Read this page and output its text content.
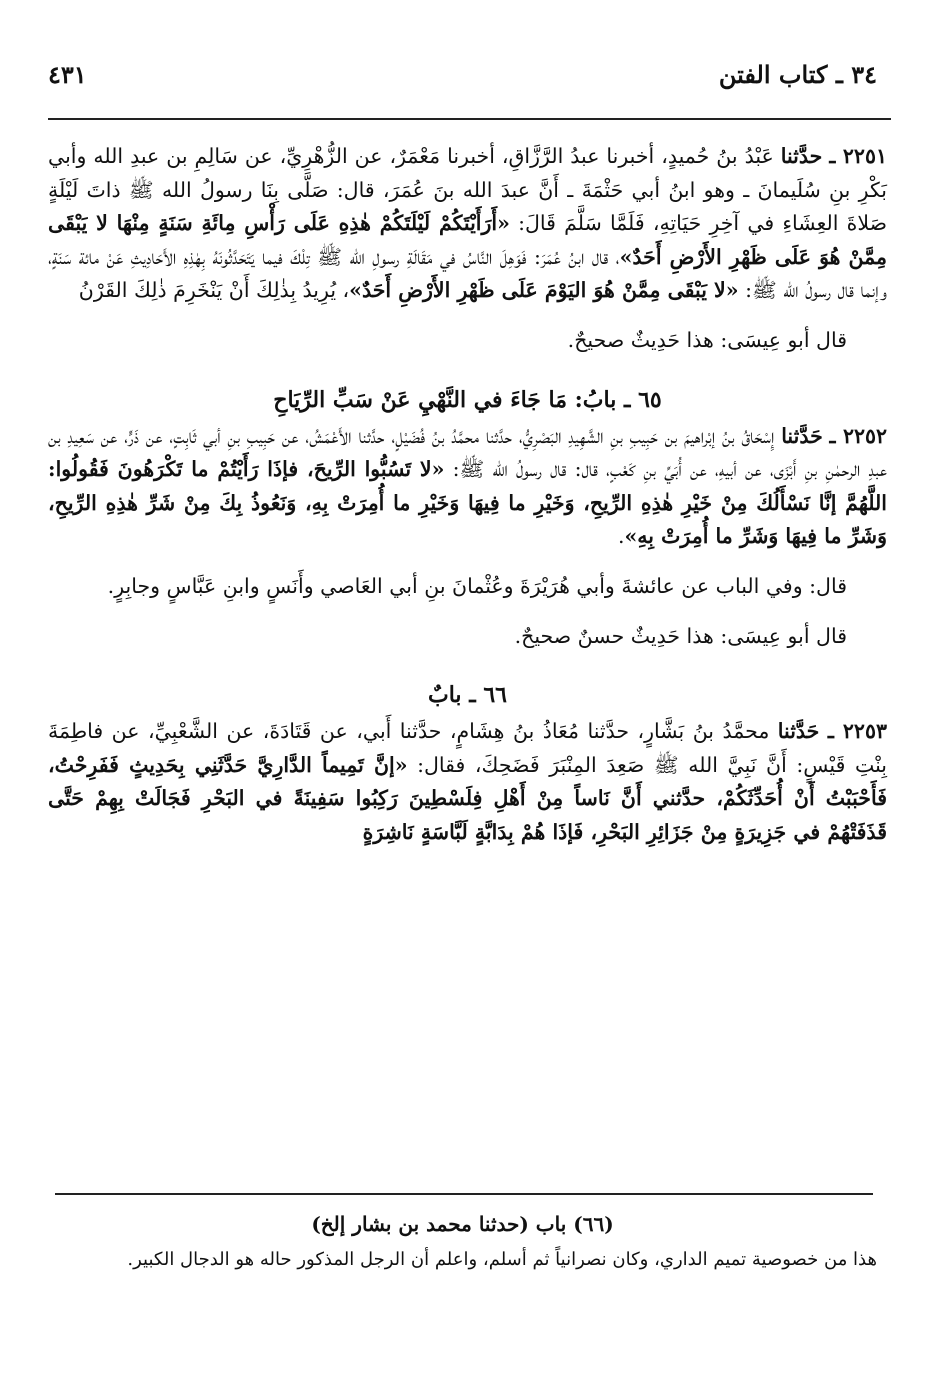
٣٤ ـ كتاب الفتن
٤٣١

٢٢٥١ ـ حدَّثنا عَبْدُ بنُ حُميدٍ، أخبرنا عبدُ الرَّزَّاقِ، أخبرنا مَعْمَرٌ، عن الزُّهْرِيِّ، عن سَالِمِ بن عبدِ الله وأبي بَكْرِ بنِ سُلَيمانَ ـ وهو ابنُ أبي حَثْمَةَ ـ أَنَّ عبدَ الله بنَ عُمَرَ، قال: صَلَّى بِنَا رسولُ الله ﷺ ذاتَ لَيْلَةٍ صَلاةَ العِشَاءِ في آخِرِ حَيَاتِهِ، فَلَمَّا سَلَّمَ قَالَ: «أَرَأَيْتَكُمْ لَيْلَتَكُمْ هٰذِهِ عَلَى رَأْسِ مِائَةِ سَنَةٍ مِنْهَا لا يَبْقَى مِمَّنْ هُوَ عَلَى ظَهْرِ الأَرْضِ أَحَدٌ»، قال ابنُ عُمَرَ: فَوَهِلَ النَّاسُ في مَقَالَةِ رسولِ الله ﷺ تِلْكَ فيما يَتَحَدَّثُونَهُ بِهٰذِهِ الأَحَادِيثِ عَنْ مائة سَنَةٍ، وإنما قال رسولُ الله ﷺ: «لا يَبْقَى مِمَّنْ هُوَ اليَوْمَ عَلَى ظَهْرِ الأَرْضِ أَحَدٌ»، يُرِيدُ بِذٰلِكَ أَنْ يَنْخَرِمَ ذٰلِكَ القَرْنُ

قال أبو عِيسَى: هذا حَدِيثٌ صحيحٌ.

٦٥ ـ بابُ: مَا جَاءَ في النَّهْيِ عَنْ سَبِّ الرِّيَاحِ

٢٢٥٢ ـ حَدَّثنا إِسْحَاقُ بنُ إبْراهيمَ بن حَبِيبِ بنِ الشَّهِيدِ البَصْرِيُّ، حدَّثنا محمَّدُ بنُ فُضَيْلٍ، حدَّثنا الأَعْمَشُ، عن حَبِيبِ بنِ أبي ثَابِتٍ، عن ذَرٍّ، عن سَعِيدِ بن عبدِ الرحمٰنِ بنِ أَبْزَى، عن أبيهِ، عن أُبَيِّ بنِ كَعْبٍ، قال: قال رسولُ الله ﷺ: «لا تَسُبُّوا الرِّيحَ، فإذَا رَأَيْتُمْ ما تَكْرَهُونَ فَقُولُوا: اللَّهُمَّ إنَّا نَسْأَلُكَ مِنْ خَيْرِ هٰذِهِ الرِّيحِ، وَخَيْرِ ما فِيهَا وَخَيْرِ ما أُمِرَتْ بِهِ، وَنَعُوذُ بِكَ مِنْ شَرِّ هٰذِهِ الرِّيحِ، وَشَرِّ ما فِيهَا وَشَرِّ ما أُمِرَتْ بِهِ».

قال: وفي الباب عن عائشةَ وأبي هُرَيْرَةَ وعُثْمانَ بنِ أبي العَاصي وأَنَسٍ وابنِ عَبَّاسٍ وجابِرٍ.

قال أبو عِيسَى: هذا حَدِيثٌ حسنٌ صحيحٌ.

٦٦ ـ بابٌ

٢٢٥٣ ـ حَدَّثنا محمَّدُ بنُ بَشَّارٍ، حدَّثنا مُعَاذُ بنُ هِشَامٍ، حدَّثنا أَبي، عن قَتَادَةَ، عن الشَّعْبِيِّ، عن فاطِمَةَ بِنْتِ قَيْسٍ: أَنَّ نَبِيَّ الله ﷺ صَعِدَ المِنْبَرَ فَضَحِكَ، فقال: «إنَّ تَمِيماً الدَّارِيَّ حَدَّثَنِي بِحَدِيثٍ فَفَرِحْتُ، فَأَحْبَبْتُ أَنْ أُحَدِّثَكُمْ، حدَّثني أَنَّ نَاساً مِنْ أَهْلِ فِلَسْطِينَ رَكِبُوا سَفِينَةً في البَحْرِ فَجَالَتْ بِهِمْ حَتَّى قَذَفَتْهُمْ في جَزِيرَةٍ مِنْ جَزَائِرِ البَحْرِ، فَإذَا هُمْ بِدَابَّةٍ لَبَّاسَةٍ نَاشِرَةٍ

(٦٦) باب (حدثنا محمد بن بشار إلخ)

هذا من خصوصية تميم الداري، وكان نصرانياً ثم أسلم، واعلم أن الرجل المذكور حاله هو الدجال الكبير.
